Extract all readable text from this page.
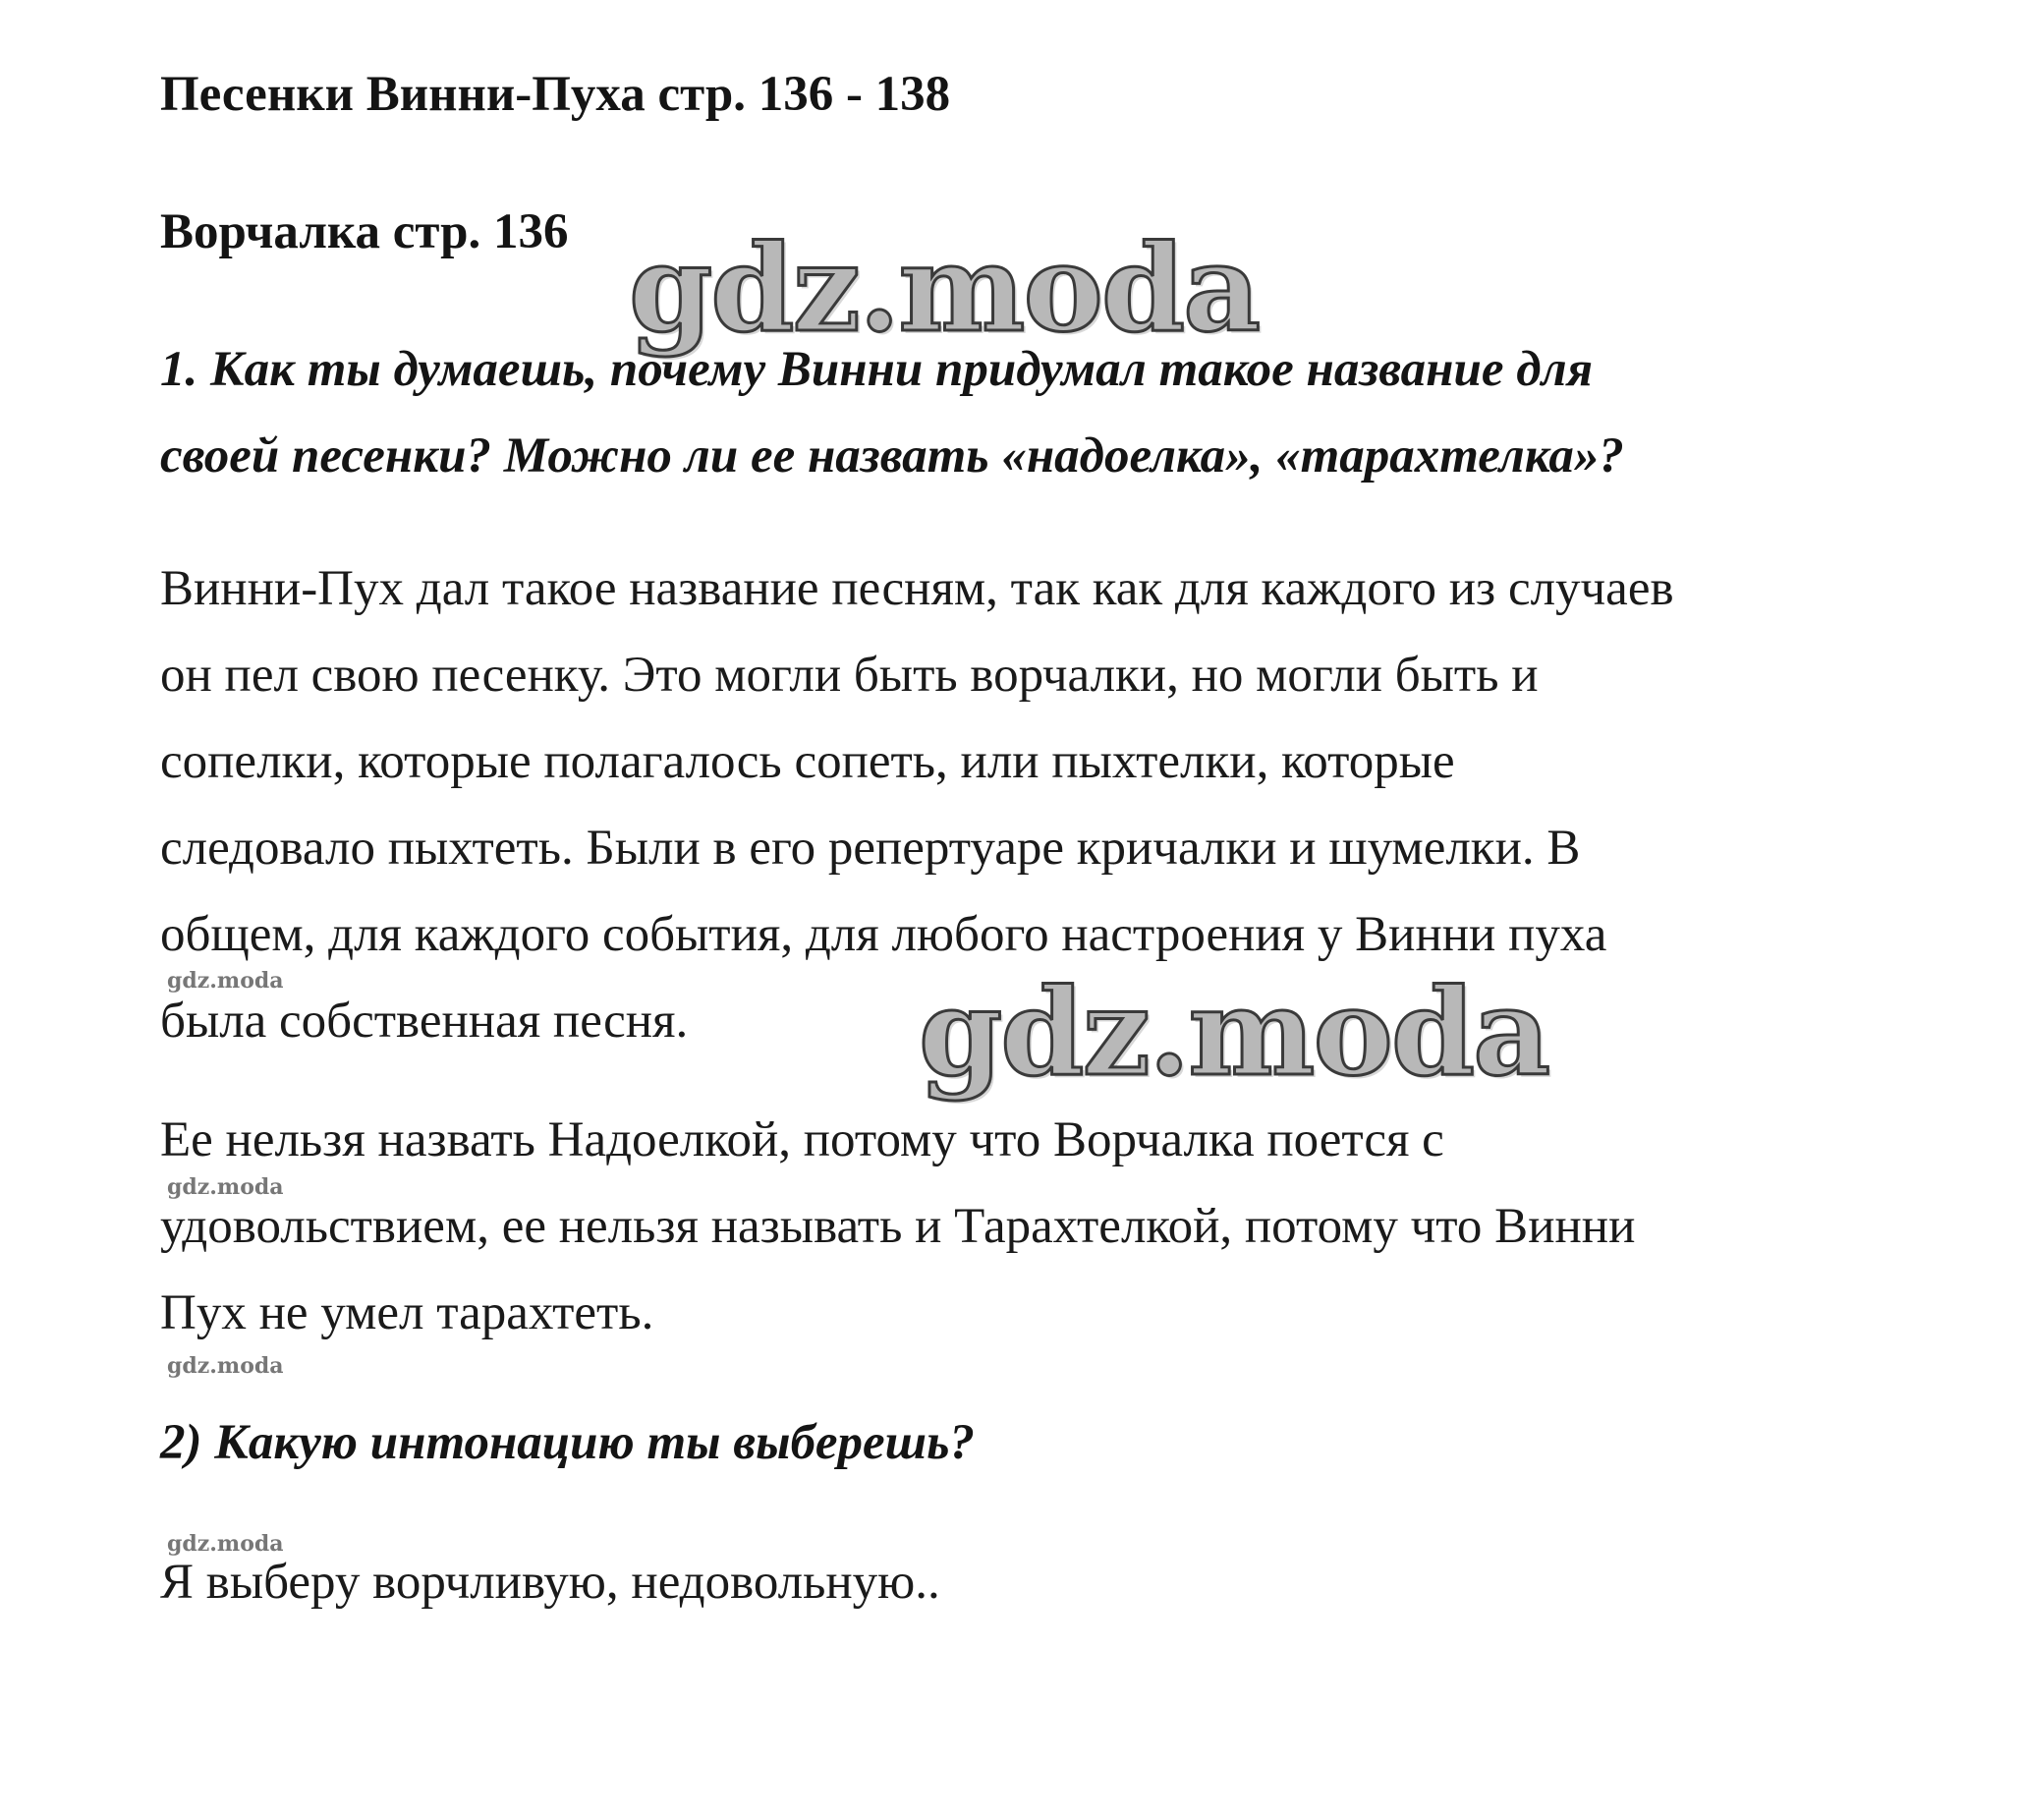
Песенки Винни-Пуха стр. 136 - 138
Ворчалка стр. 136 gdz.moda
1. Как ты думаешь, почему Винни придумал такое название для
своей песенки? Можно ли ее назвать «надоелка», «тарахтелка»?
Винни-Пух дал такое название песням, так как для каждого из случаев
он пел свою песенку. Это могли быть ворчалки, но могли быть и
сопелки, которые полагалось сопеть, или пыхтелки, которые
следовало пыхтеть. Были в его репертуаре кричалки и шумелки. В
общем, для каждого события, для любого настроения у Винни пуха
была собственная песня.
gdz.moda	gdz.moda
Ее нельзя назвать Надоелкой, потому что Ворчалка поется с
удовольствием, ее нельзя называть и Тарахтелкой, потому что Винни
Пух не умел тарахтеть.
gdz.moda
gdz.moda
2) Какую интонацию ты выберешь?
gdz.moda
Я выберу ворчливую, недовольную..
